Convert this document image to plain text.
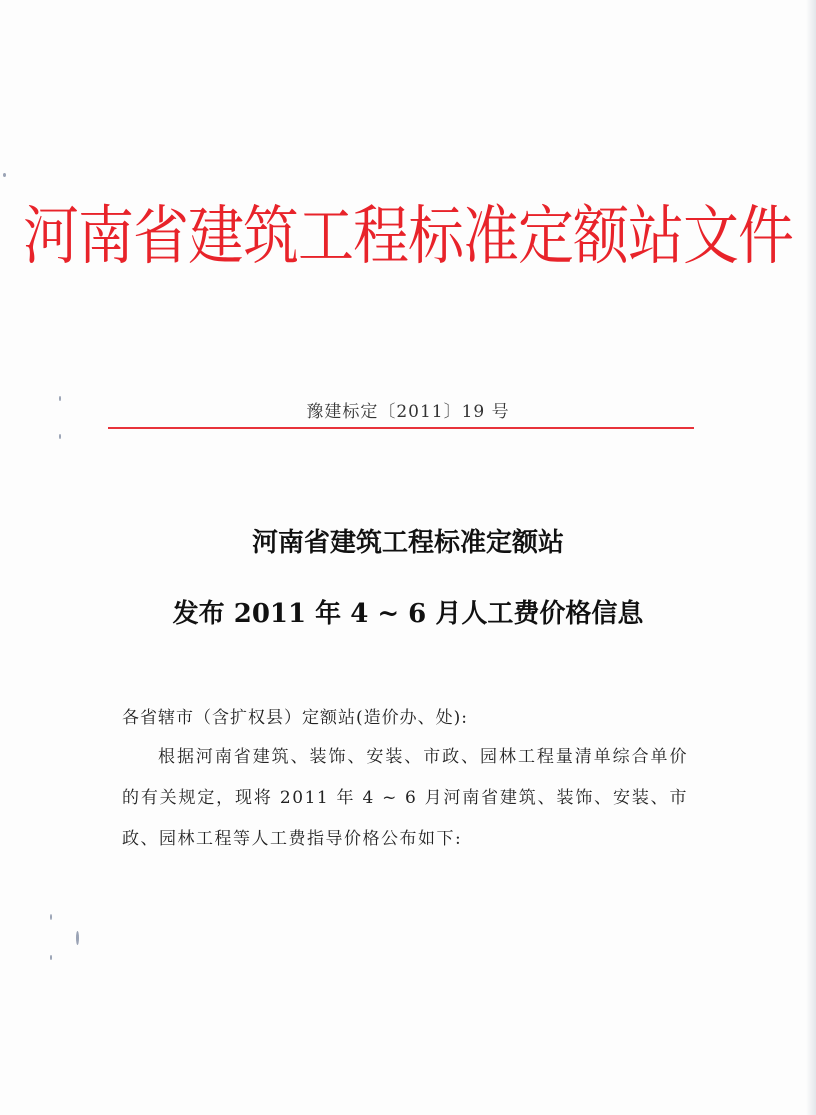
河南省建筑工程标准定额站文件
豫建标定〔2011〕19 号
河南省建筑工程标准定额站
发布 2011 年 4 ~ 6 月人工费价格信息
各省辖市（含扩权县）定额站(造价办、处):
根据河南省建筑、装饰、安装、市政、园林工程量清单综合单价的有关规定，现将 2011 年 4 ~ 6 月河南省建筑、装饰、安装、市政、园林工程等人工费指导价格公布如下:
